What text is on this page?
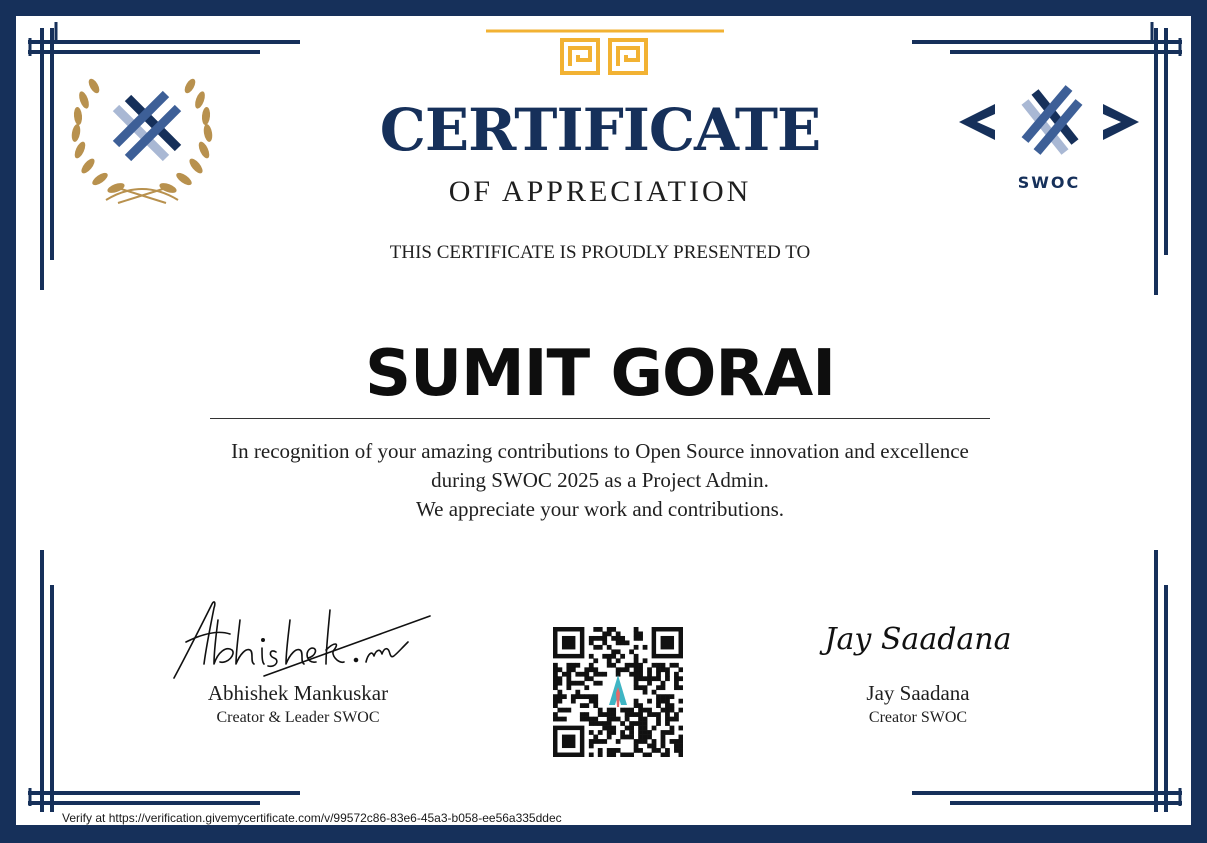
SWOC
CERTIFICATE
OF APPRECIATION
THIS CERTIFICATE IS PROUDLY PRESENTED TO
SUMIT GORAI
In recognition of your amazing contributions to Open Source innovation and excellence
during SWOC 2025 as a Project Admin.
We appreciate your work and contributions.
Abhishek Mankuskar
Creator & Leader SWOC
Jay Saadana
Jay Saadana
Creator SWOC
Verify at https://verification.givemycertificate.com/v/99572c86-83e6-45a3-b058-ee56a335ddec
